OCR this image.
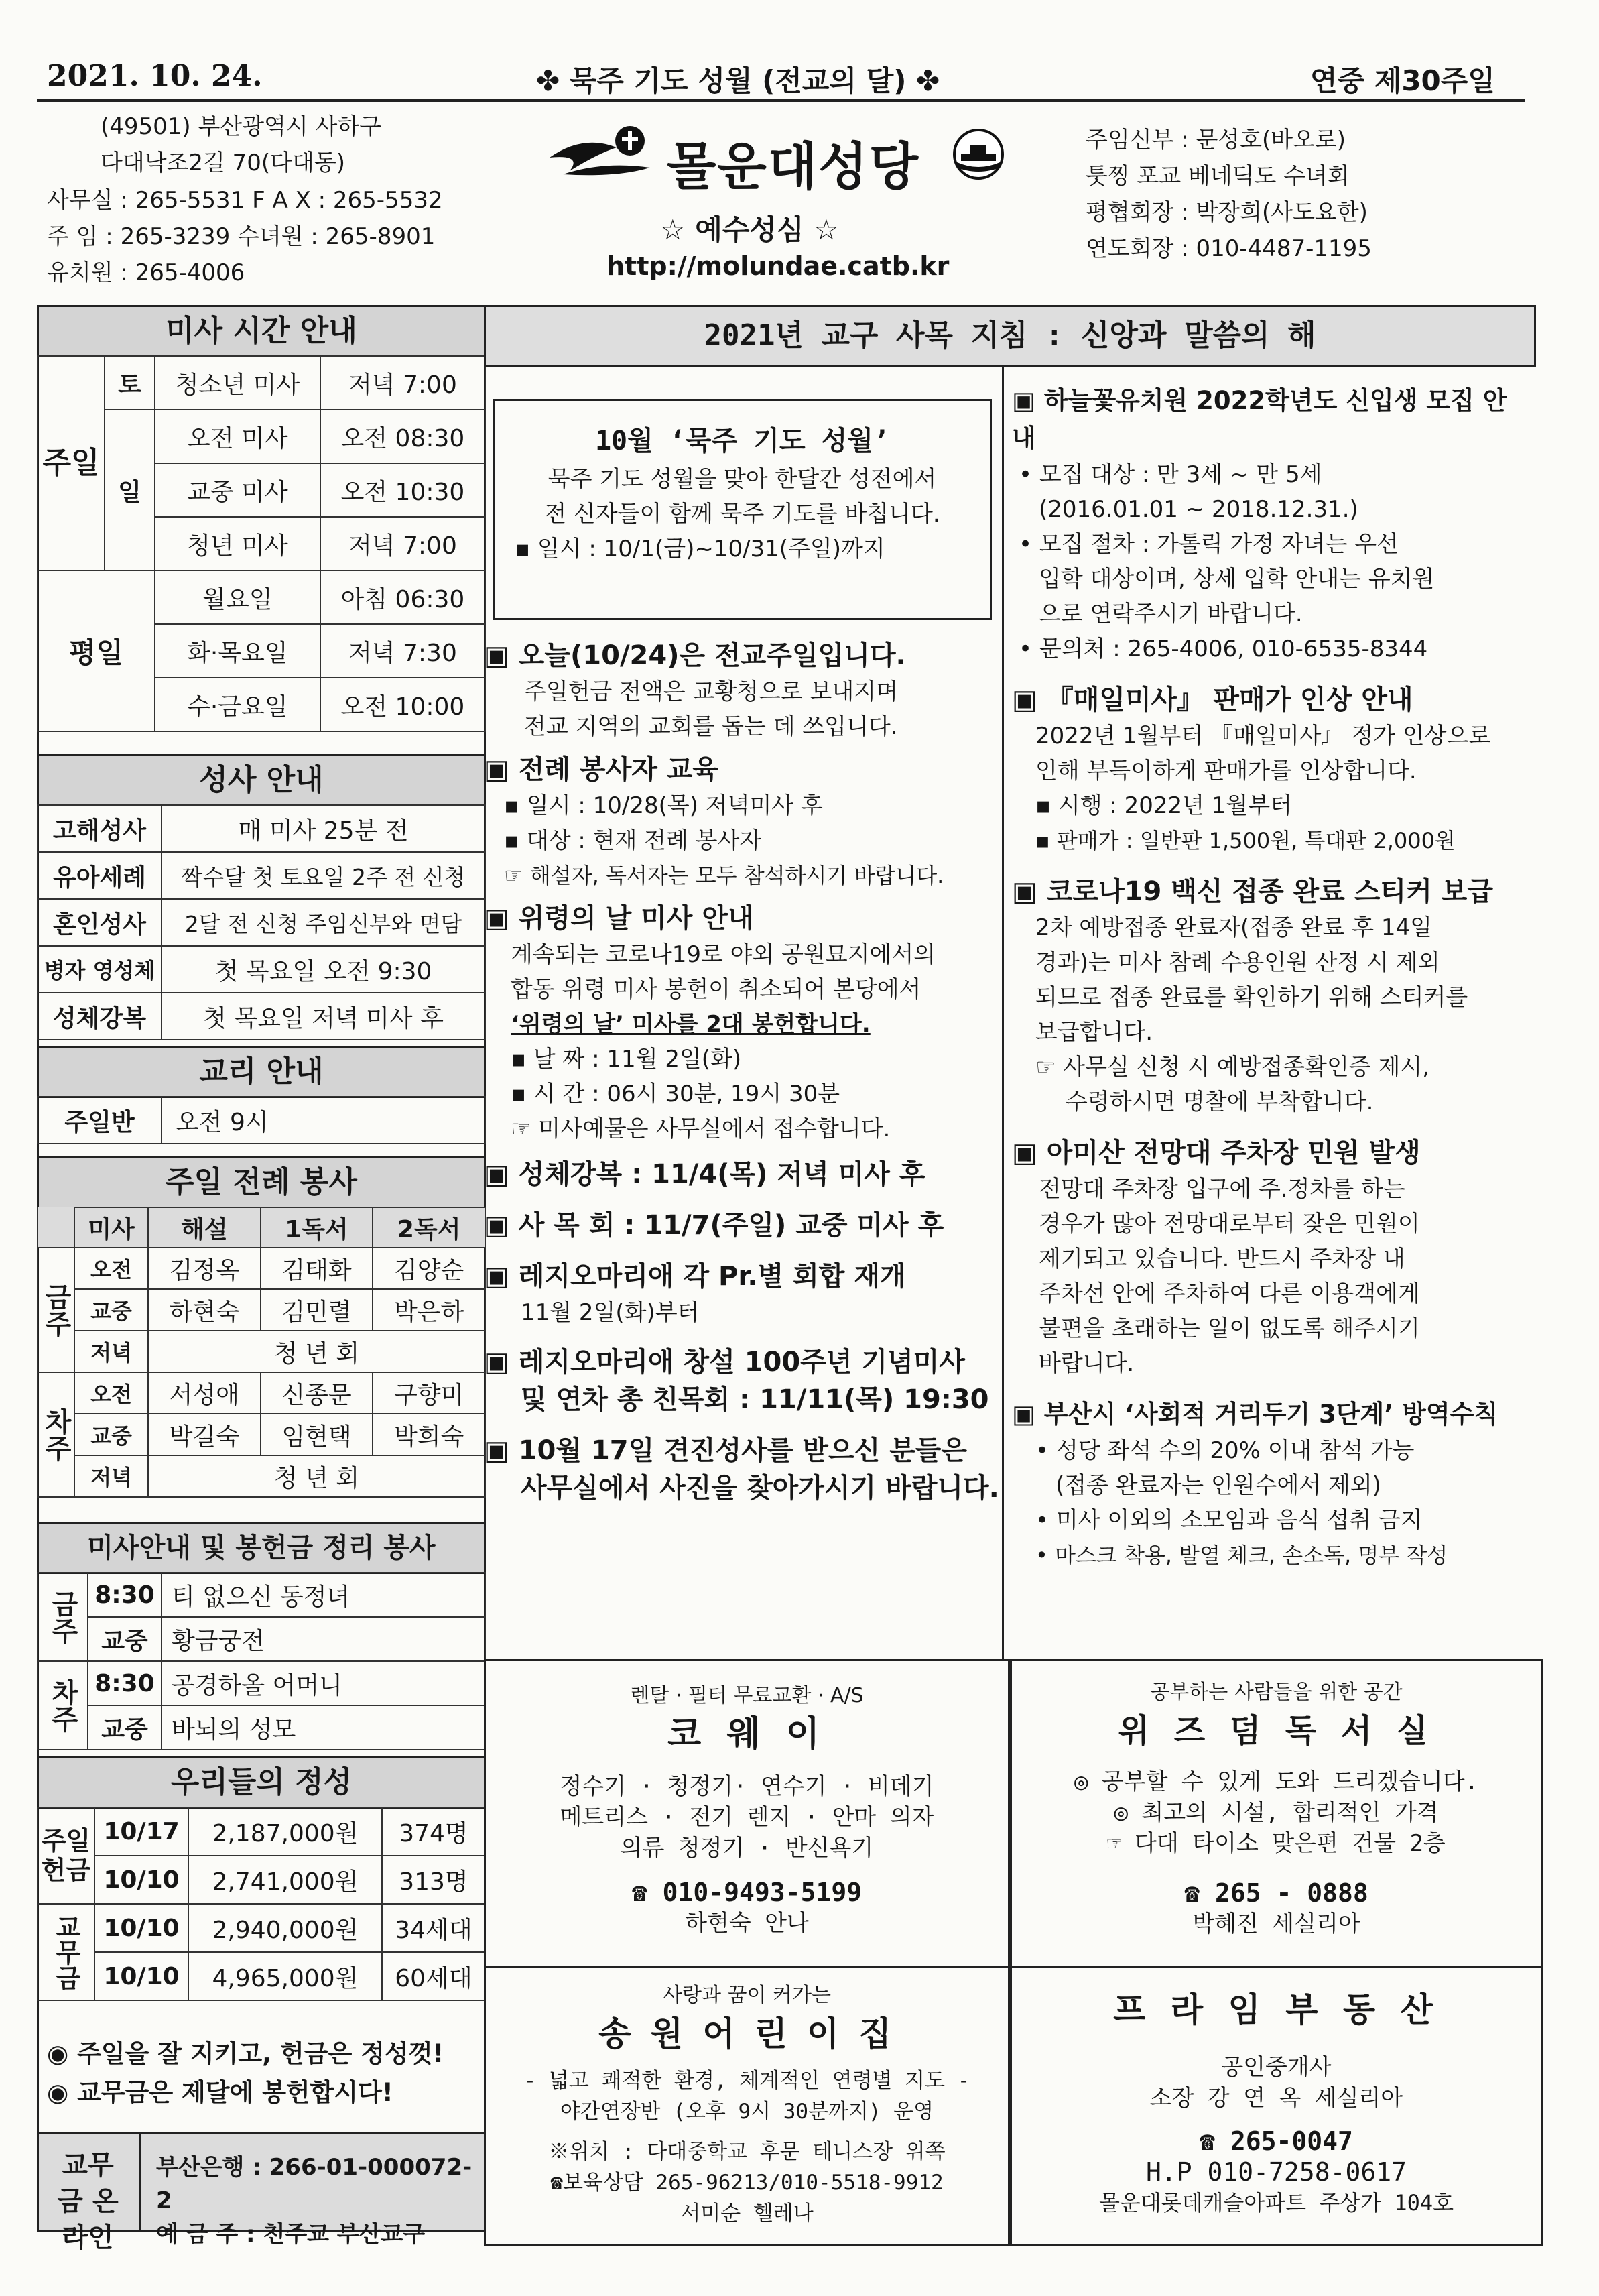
2021. 10. 24.	✤ 묵주 기도 성월 (전교의 달) ✤	연중 제30주일
(49501) 부산광역시 사하구
다대낙조2길 70(다대동)
사무실 : 265-5531 F A X : 265-5532
주 임 : 265-3239 수녀원 : 265-8901
유치원 : 265-4006
몰운대성당
☆ 예수성심 ☆
http://molundae.catb.kr
주임신부 : 문성호(바오로)
툿찡 포교 베네딕도 수녀회
평협회장 : 박장희(사도요한)
연도회장 : 010-4487-1195
미사 시간 안내
주일	토	청소년 미사	저녁 7:00
	일	오전 미사	오전 08:30
		교중 미사	오전 10:30
		청년 미사	저녁 7:00
평일		월요일	아침 06:30
		화·목요일	저녁 7:30
		수·금요일	오전 10:00
성사 안내
고해성사	매 미사 25분 전
유아세례	짝수달 첫 토요일 2주 전 신청
혼인성사	2달 전 신청 주임신부와 면담
병자 영성체	첫 목요일 오전 9:30
성체강복	첫 목요일 저녁 미사 후
교리 안내
주일반	오전 9시
주일 전례 봉사
	미사	해설	1독서	2독서
금주	오전	김정옥	김태화	김양순
	교중	하현숙	김민렬	박은하
	저녁	청 년 회		
차주	오전	서성애	신종문	구향미
	교중	박길숙	임현택	박희숙
	저녁	청 년 회		
미사안내 및 봉헌금 정리 봉사
금주	8:30	티 없으신 동정녀
	교중	황금궁전
차주	8:30	공경하올 어머니
	교중	바뇌의 성모
우리들의 정성
주일헌금	10/17	2,187,000원	374명
	10/10	2,741,000원	313명
교무금	10/10	2,940,000원	34세대
	10/10	4,965,000원	60세대
◉ 주일을 잘 지키고, 헌금은 정성껏!
◉ 교무금은 제달에 봉헌합시다!
교무금 온라인
부산은행 : 266-01-000072-2
예 금 주 : 천주교 부산교구
2021년 교구 사목 지침 : 신앙과 말씀의 해
10월 ‘묵주 기도 성월’
묵주 기도 성월을 맞아 한달간 성전에서
전 신자들이 함께 묵주 기도를 바칩니다.
▪ 일시 : 10/1(금)~10/31(주일)까지
▣ 오늘(10/24)은 전교주일입니다.
주일헌금 전액은 교황청으로 보내지며
전교 지역의 교회를 돕는 데 쓰입니다.
▣ 전례 봉사자 교육
▪ 일시 : 10/28(목) 저녁미사 후
▪ 대상 : 현재 전례 봉사자
☞ 해설자, 독서자는 모두 참석하시기 바랍니다.
▣ 위령의 날 미사 안내
계속되는 코로나19로 야외 공원묘지에서의
합동 위령 미사 봉헌이 취소되어 본당에서
‘위령의 날’ 미사를 2대 봉헌합니다.
▪ 날 짜 : 11월 2일(화)
▪ 시 간 : 06시 30분, 19시 30분
☞ 미사예물은 사무실에서 접수합니다.
▣ 성체강복 : 11/4(목) 저녁 미사 후
▣ 사 목 회 : 11/7(주일) 교중 미사 후
▣ 레지오마리애 각 Pr.별 회합 재개
11월 2일(화)부터
▣ 레지오마리애 창설 100주년 기념미사
및 연차 총 친목회 : 11/11(목) 19:30
▣ 10월 17일 견진성사를 받으신 분들은
사무실에서 사진을 찾아가시기 바랍니다.
▣ 하늘꽃유치원 2022학년도 신입생 모집 안내
• 모집 대상 : 만 3세 ~ 만 5세
(2016.01.01 ~ 2018.12.31.)
• 모집 절차 : 가톨릭 가정 자녀는 우선
입학 대상이며, 상세 입학 안내는 유치원
으로 연락주시기 바랍니다.
• 문의처 : 265-4006, 010-6535-8344
▣ 『매일미사』 판매가 인상 안내
2022년 1월부터 『매일미사』 정가 인상으로
인해 부득이하게 판매가를 인상합니다.
▪ 시행 : 2022년 1월부터
▪ 판매가 : 일반판 1,500원, 특대판 2,000원
▣ 코로나19 백신 접종 완료 스티커 보급
2차 예방접종 완료자(접종 완료 후 14일
경과)는 미사 참례 수용인원 산정 시 제외
되므로 접종 완료를 확인하기 위해 스티커를
보급합니다.
☞ 사무실 신청 시 예방접종확인증 제시,
수령하시면 명찰에 부착합니다.
▣ 아미산 전망대 주차장 민원 발생
전망대 주차장 입구에 주.정차를 하는
경우가 많아 전망대로부터 잦은 민원이
제기되고 있습니다. 반드시 주차장 내
주차선 안에 주차하여 다른 이용객에게
불편을 초래하는 일이 없도록 해주시기
바랍니다.
▣ 부산시 ‘사회적 거리두기 3단계’ 방역수칙
• 성당 좌석 수의 20% 이내 참석 가능
(접종 완료자는 인원수에서 제외)
• 미사 이외의 소모임과 음식 섭취 금지
• 마스크 착용, 발열 체크, 손소독, 명부 작성
렌탈 · 필터 무료교환 · A/S
코 웨 이
정수기 · 청정기· 연수기 · 비데기
메트리스 · 전기 렌지 · 안마 의자
의류 청정기 · 반신욕기
☎ 010-9493-5199
하현숙 안나
공부하는 사람들을 위한 공간
위 즈 덤 독 서 실
◎ 공부할 수 있게 도와 드리겠습니다.
◎ 최고의 시설, 합리적인 가격
☞ 다대 타이소 맞은편 건물 2층
☎ 265 - 0888
박혜진 세실리아
사랑과 꿈이 커가는
송 원 어 린 이 집
- 넓고 쾌적한 환경, 체계적인 연령별 지도 -
야간연장반 (오후 9시 30분까지) 운영
※위치 : 다대중학교 후문 테니스장 위쪽
☎보육상담 265-96213/010-5518-9912
서미순 헬레나
프 라 임 부 동 산
공인중개사
소장 강 연 옥 세실리아
☎ 265-0047
H.P 010-7258-0617
몰운대롯데캐슬아파트 주상가 104호
